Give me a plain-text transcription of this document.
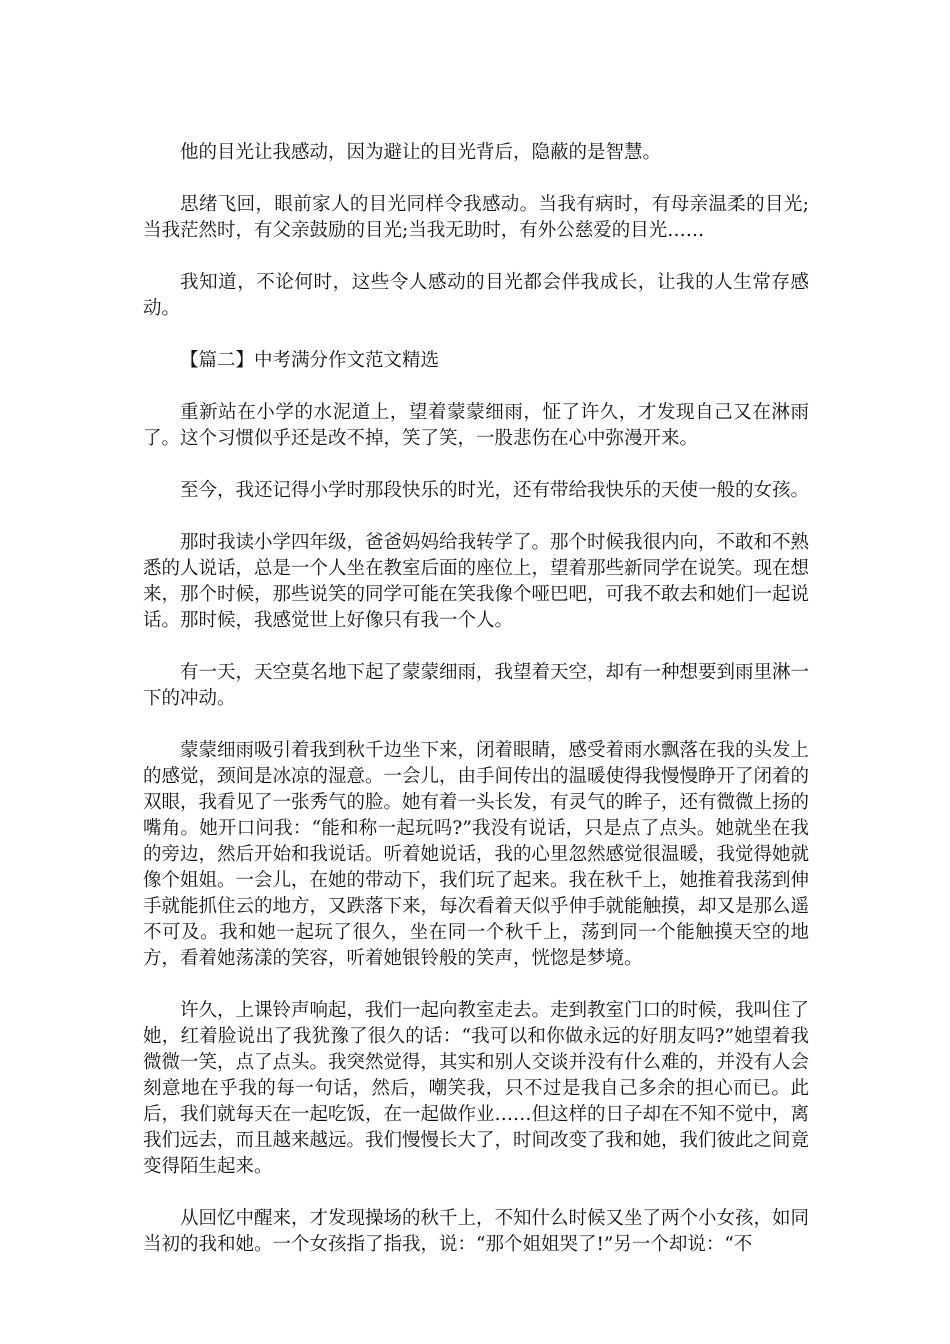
他的目光让我感动，因为避让的目光背后，隐蔽的是智慧。

思绪飞回，眼前家人的目光同样令我感动。当我有病时，有母亲温柔的目光;当我茫然时，有父亲鼓励的目光;当我无助时，有外公慈爱的目光……

我知道，不论何时，这些令人感动的目光都会伴我成长，让我的人生常存感动。

【篇二】中考满分作文范文精选

重新站在小学的水泥道上，望着蒙蒙细雨，怔了许久，才发现自己又在淋雨了。这个习惯似乎还是改不掉，笑了笑，一股悲伤在心中弥漫开来。

至今，我还记得小学时那段快乐的时光，还有带给我快乐的天使一般的女孩。

那时我读小学四年级，爸爸妈妈给我转学了。那个时候我很内向，不敢和不熟悉的人说话，总是一个人坐在教室后面的座位上，望着那些新同学在说笑。现在想来，那个时候，那些说笑的同学可能在笑我像个哑巴吧，可我不敢去和她们一起说话。那时候，我感觉世上好像只有我一个人。

有一天，天空莫名地下起了蒙蒙细雨，我望着天空，却有一种想要到雨里淋一下的冲动。

蒙蒙细雨吸引着我到秋千边坐下来，闭着眼睛，感受着雨水飘落在我的头发上的感觉，颈间是冰凉的湿意。一会儿，由手间传出的温暖使得我慢慢睁开了闭着的双眼，我看见了一张秀气的脸。她有着一头长发，有灵气的眸子，还有微微上扬的嘴角。她开口问我：“能和称一起玩吗?”我没有说话，只是点了点头。她就坐在我的旁边，然后开始和我说话。听着她说话，我的心里忽然感觉很温暖，我觉得她就像个姐姐。一会儿，在她的带动下，我们玩了起来。我在秋千上，她推着我荡到伸手就能抓住云的地方，又跌落下来，每次看着天似乎伸手就能触摸，却又是那么遥不可及。我和她一起玩了很久，坐在同一个秋千上，荡到同一个能触摸天空的地方，看着她荡漾的笑容，听着她银铃般的笑声，恍惚是梦境。

许久，上课铃声响起，我们一起向教室走去。走到教室门口的时候，我叫住了她，红着脸说出了我犹豫了很久的话：“我可以和你做永远的好朋友吗?”她望着我微微一笑，点了点头。我突然觉得，其实和别人交谈并没有什么难的，并没有人会刻意地在乎我的每一句话，然后，嘲笑我，只不过是我自己多余的担心而已。此后，我们就每天在一起吃饭，在一起做作业……但这样的日子却在不知不觉中，离我们远去，而且越来越远。我们慢慢长大了，时间改变了我和她，我们彼此之间竟变得陌生起来。

从回忆中醒来，才发现操场的秋千上，不知什么时候又坐了两个小女孩，如同当初的我和她。一个女孩指了指我，说：“那个姐姐哭了!”另一个却说：“不
